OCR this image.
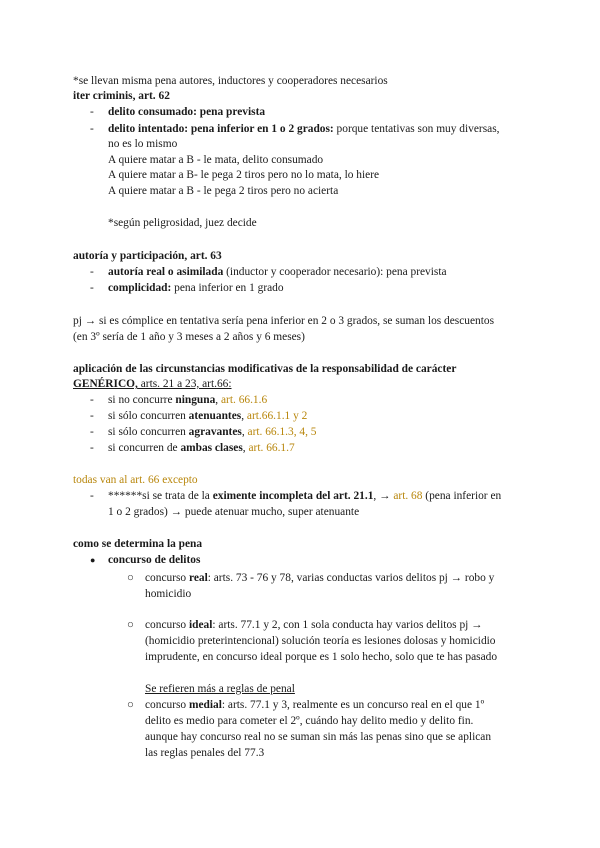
*se llevan misma pena autores, inductores y cooperadores necesarios
iter criminis, art. 62
- delito consumado: pena prevista
- delito intentado: pena inferior en 1 o 2 grados: porque tentativas son muy diversas,
no es lo mismo
A quiere matar a B - le mata, delito consumado
A quiere matar a B- le pega 2 tiros pero no lo mata, lo hiere
A quiere matar a B - le pega 2 tiros pero no acierta
*según peligrosidad, juez decide
autoría y participación, art. 63
- autoría real o asimilada (inductor y cooperador necesario): pena prevista
- complicidad: pena inferior en 1 grado
pj → si es cómplice en tentativa sería pena inferior en 2 o 3 grados, se suman los descuentos
(en 3º sería de 1 año y 3 meses a 2 años y 6 meses)
aplicación de las circunstancias modificativas de la responsabilidad de carácter
GENÉRICO, arts. 21 a 23, art.66:
- si no concurre ninguna, art. 66.1.6
- si sólo concurren atenuantes, art.66.1.1 y 2
- si sólo concurren agravantes, art. 66.1.3, 4, 5
- si concurren de ambas clases, art. 66.1.7
todas van al art. 66 excepto
- ******si se trata de la eximente incompleta del art. 21.1, → art. 68 (pena inferior en
1 o 2 grados) → puede atenuar mucho, super atenuante
como se determina la pena
●	concurso de delitos
○ concurso real: arts. 73 - 76 y 78, varias conductas varios delitos pj → robo y
homicidio
○ concurso ideal: arts. 77.1 y 2, con 1 sola conducta hay varios delitos pj →
(homicidio preterintencional) solución teoría es lesiones dolosas y homicidio
imprudente, en concurso ideal porque es 1 solo hecho, solo que te has pasado
Se refieren más a reglas de penal
○ concurso medial: arts. 77.1 y 3, realmente es un concurso real en el que 1º
delito es medio para cometer el 2º, cuándo hay delito medio y delito fin.
aunque hay concurso real no se suman sin más las penas sino que se aplican
las reglas penales del 77.3
